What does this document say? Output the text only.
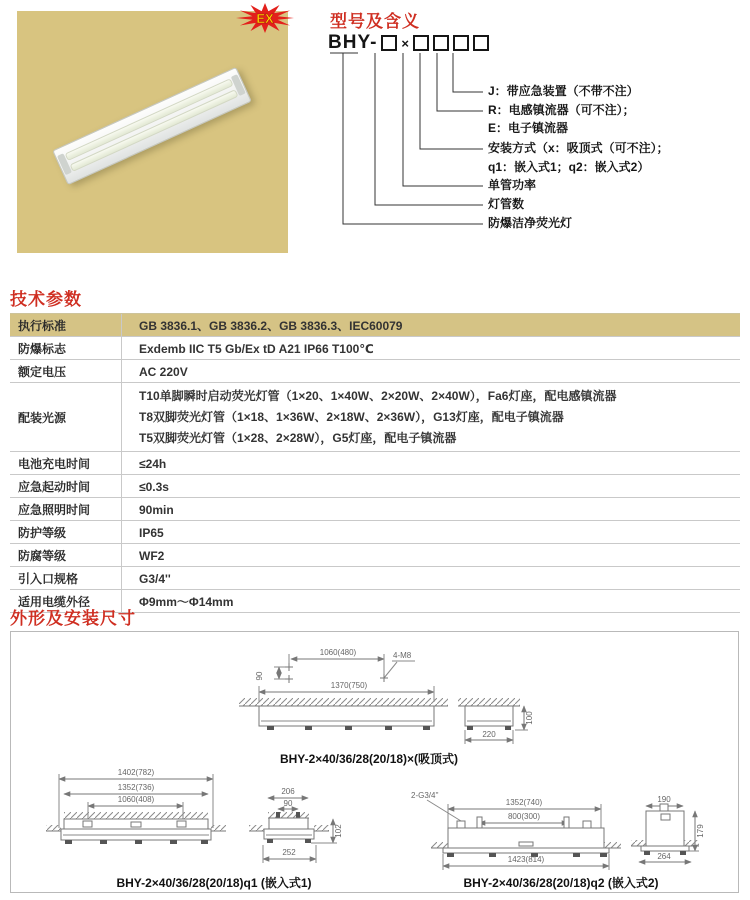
EX	型号及含义
BHY- ×
J：带应急装置（不带不注）
R：电感镇流器（可不注）；
E：电子镇流器
安装方式（x：吸顶式（可不注）；
q1：嵌入式1；q2：嵌入式2）
单管功率
灯管数
防爆洁净荧光灯
技术参数
执行标准	GB 3836.1、GB 3836.2、GB 3836.3、IEC60079
防爆标志	Exdemb IIC T5 Gb/Ex tD A21 IP66 T100℃
额定电压	AC 220V
配装光源
T10单脚瞬时启动荧光灯管（1×20、1×40W、2×20W、2×40W），Fa6灯座，配电感镇流器
T8双脚荧光灯管（1×18、1×36W、2×18W、2×36W），G13灯座，配电子镇流器
T5双脚荧光灯管（1×28、2×28W），G5灯座，配电子镇流器
电池充电时间	≤24h
应急起动时间	≤0.3s
应急照明时间	90min
防护等级	IP65
防腐等级	WF2
引入口规格	G3/4''
适用电缆外径	Φ9mm～Φ14mm
外形及安装尺寸
1060(480)	4-M8
90
1370(750)
100
220
1402(782)
1352(736)
1060(408)
206
90
102
252
2-G3/4''
1352(740)
800(300)
1423(814)
190
179
264
BHY-2×40/36/28(20/18)×(吸顶式)
BHY-2×40/36/28(20/18)q1 (嵌入式1)	BHY-2×40/36/28(20/18)q2 (嵌入式2)
